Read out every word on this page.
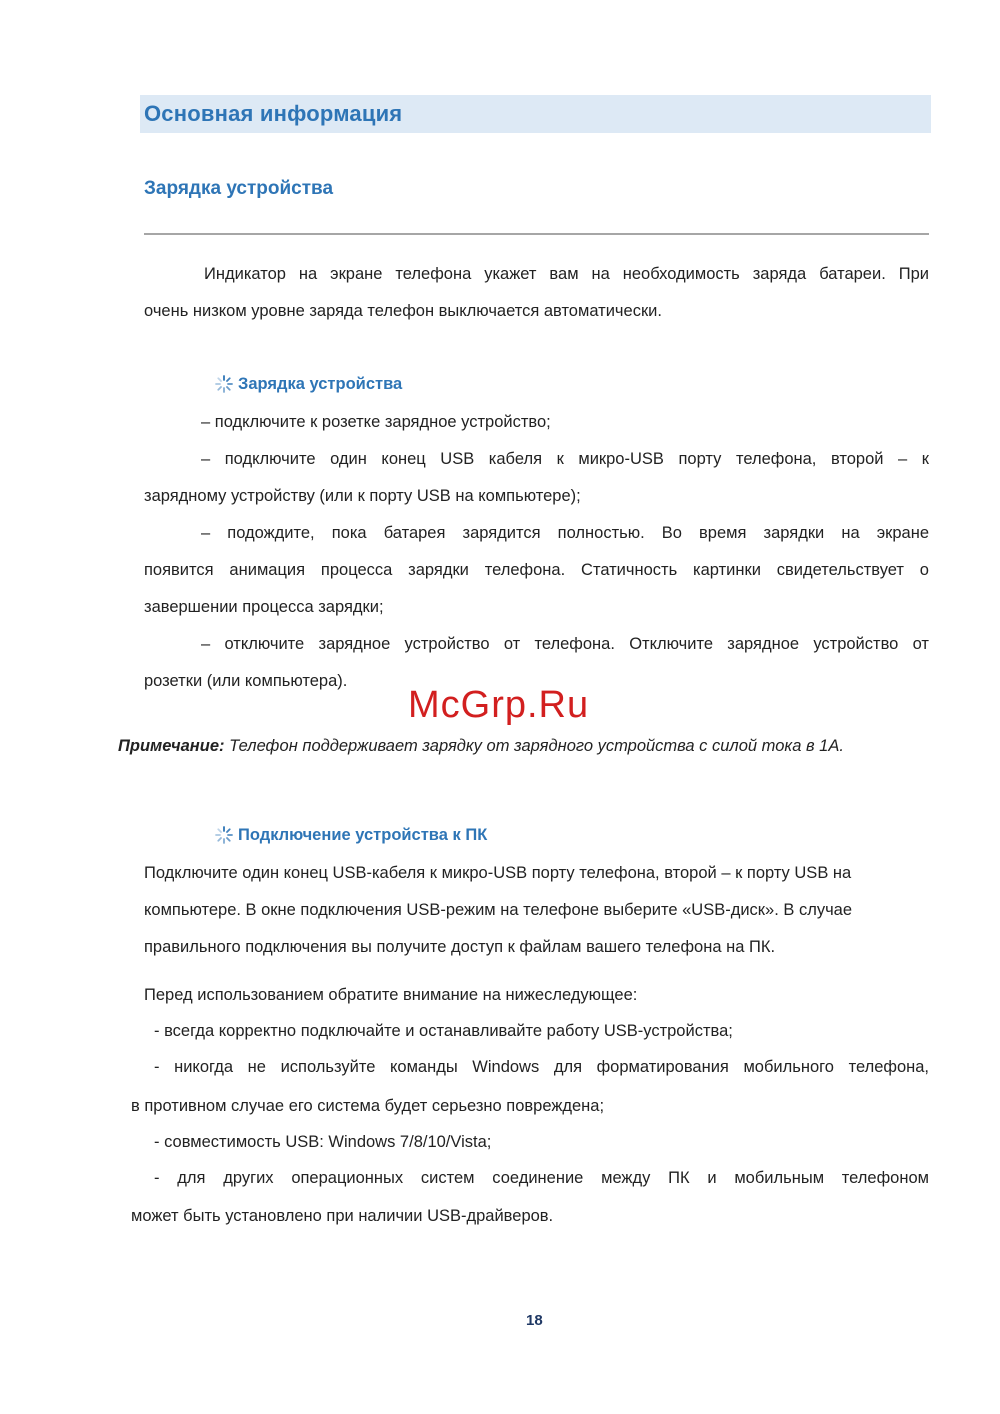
Основная информация
Зарядка устройства
Индикатор на экране телефона укажет вам на необходимость заряда батареи. При
очень низком уровне заряда телефон выключается автоматически.
Зарядка устройства
– подключите к розетке зарядное устройство;
– подключите один конец USB кабеля к микро-USB порту телефона, второй – к
зарядному устройству (или к порту USB на компьютере);
– подождите, пока батарея зарядится полностью. Во время зарядки на экране
появится анимация процесса зарядки телефона. Статичность картинки свидетельствует о
завершении процесса зарядки;
– отключите зарядное устройство от телефона. Отключите зарядное устройство от
розетки (или компьютера).
McGrp.Ru
Примечание: Телефон поддерживает зарядку от зарядного устройства с силой тока в 1А.
Подключение устройства к ПК
Подключите один конец USB-кабеля к микро-USB порту телефона, второй – к порту USB на
компьютере. В окне подключения USB-режим на телефоне выберите «USB-диск». В случае
правильного подключения вы получите доступ к файлам вашего телефона на ПК.
Перед использованием обратите внимание на нижеследующее:
- всегда корректно подключайте и останавливайте работу USB-устройства;
- никогда не используйте команды Windows для форматирования мобильного телефона,
в противном случае его система будет серьезно повреждена;
- совместимость USB: Windows 7/8/10/Vista;
- для других операционных систем соединение между ПК и мобильным телефоном
может быть установлено при наличии USB-драйверов.
18
